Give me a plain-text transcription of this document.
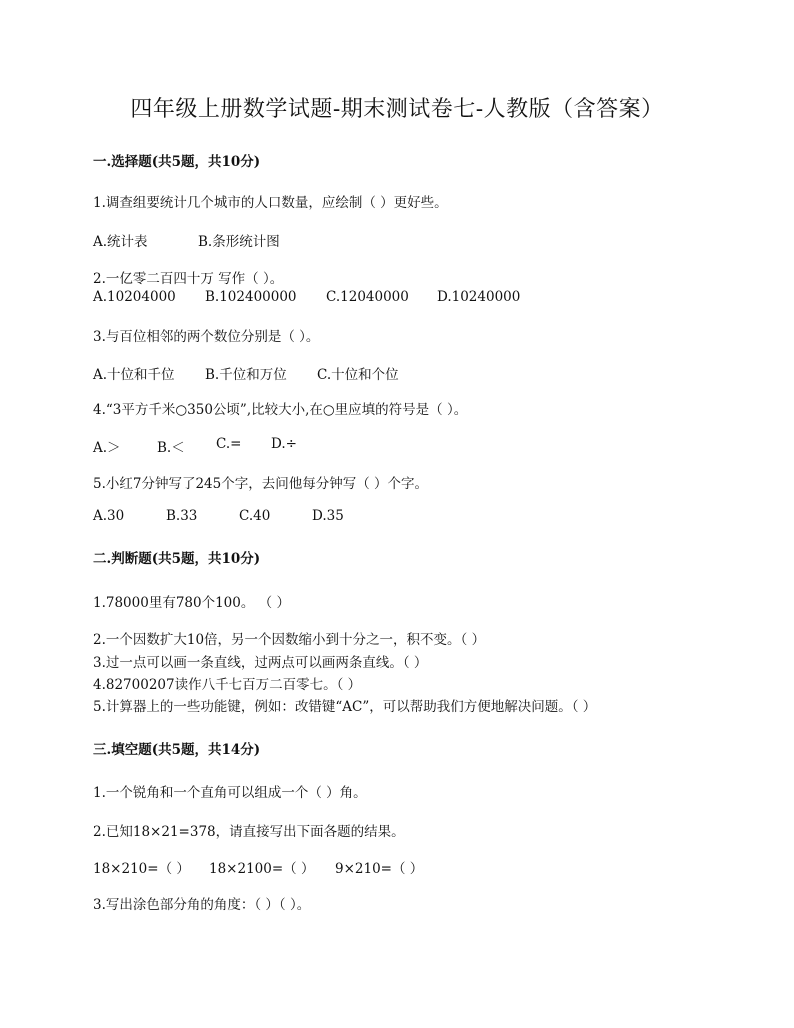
四年级上册数学试题-期末测试卷七-人教版（含答案）
一.选择题(共5题，共10分)
1.调查组要统计几个城市的人口数量，应绘制（ ）更好些。
A.统计表	B.条形统计图
2.一亿零二百四十万 写作（ ）。
A.10204000 B.102400000 C.12040000 D.10240000
3.与百位相邻的两个数位分别是（ ）。
A.十位和千位 B.千位和万位 C.十位和个位
4.“3平方千米○350公顷”,比较大小,在○里应填的符号是（ ）。
A.＞	B.＜ C.= D.÷
5.小红7分钟写了245个字，去问他每分钟写（ ）个字。
A.30	B.33	C.40	D.35
二.判断题(共5题，共10分)
1.78000里有780个100。 （ ）
2.一个因数扩大10倍，另一个因数缩小到十分之一，积不变。（ ）
3.过一点可以画一条直线，过两点可以画两条直线。（ ）
4.82700207读作八千七百万二百零七。（ ）
5.计算器上的一些功能键，例如：改错键“AC”，可以帮助我们方便地解决问题。（ ）
三.填空题(共5题，共14分)
1.一个锐角和一个直角可以组成一个（ ）角。
2.已知18×21=378，请直接写出下面各题的结果。
18×210=（ ） 18×2100=（ ） 9×210=（ ）
3.写出涂色部分角的角度：（ ）（ ）。
